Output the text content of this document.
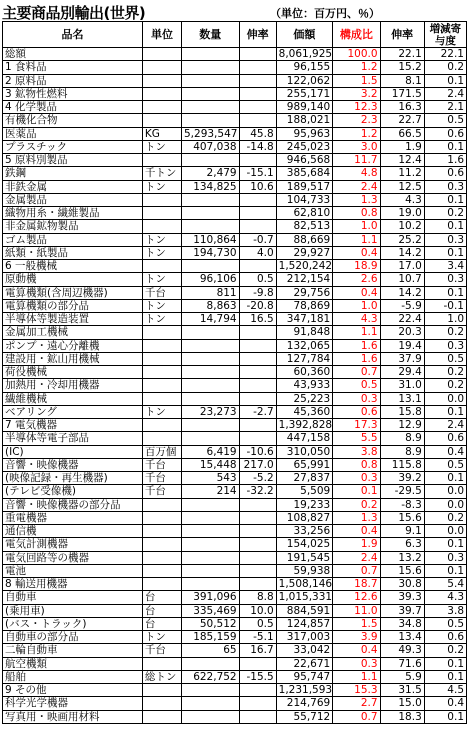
主要商品別輸出(世界)	（単位：百万円、％）
品名	単位	数量	伸率	価額	構成比	伸率	増減寄
与度
総額				8,061,925	100.0	22.1	22.1
1 食料品				96,155	1.2	15.2	0.2
2 原料品				122,062	1.5	8.1	0.1
3 鉱物性燃料				255,171	3.2	171.5	2.4
4 化学製品				989,140	12.3	16.3	2.1
有機化合物				188,021	2.3	22.7	0.5
医薬品	KG	5,293,547	45.8	95,963	1.2	66.5	0.6
プラスチック	トン	407,038	-14.8	245,023	3.0	1.9	0.1
5 原料別製品				946,568	11.7	12.4	1.6
鉄鋼	千トン	2,479	-15.1	385,684	4.8	11.2	0.6
非鉄金属	トン	134,825	10.6	189,517	2.4	12.5	0.3
金属製品				104,733	1.3	4.3	0.1
織物用糸・繊維製品				62,810	0.8	19.0	0.2
非金属鉱物製品				82,513	1.0	10.2	0.1
ゴム製品	トン	110,864	-0.7	88,669	1.1	25.2	0.3
紙類・紙製品	トン	194,730	4.0	29,927	0.4	14.2	0.1
6 一般機械				1,520,242	18.9	17.0	3.4
原動機	トン	96,106	0.5	212,154	2.6	10.7	0.3
電算機類(含周辺機器)	千台	811	-9.8	29,756	0.4	14.2	0.1
電算機類の部分品	トン	8,863	-20.8	78,869	1.0	-5.9	-0.1
半導体等製造装置	トン	14,794	16.5	347,181	4.3	22.4	1.0
金属加工機械				91,848	1.1	20.3	0.2
ポンプ・遠心分離機				132,065	1.6	19.4	0.3
建設用・鉱山用機械				127,784	1.6	37.9	0.5
荷役機械				60,360	0.7	29.4	0.2
加熱用・冷却用機器				43,933	0.5	31.0	0.2
繊維機械				25,223	0.3	13.1	0.0
ベアリング	トン	23,273	-2.7	45,360	0.6	15.8	0.1
7 電気機器				1,392,828	17.3	12.9	2.4
半導体等電子部品				447,158	5.5	8.9	0.6
(IC)	百万個	6,419	-10.6	310,050	3.8	8.9	0.4
音響・映像機器	千台	15,448	217.0	65,991	0.8	115.8	0.5
(映像記録・再生機器)	千台	543	-5.2	27,837	0.3	39.2	0.1
(テレビ受像機)	千台	214	-32.2	5,509	0.1	-29.5	0.0
音響・映像機器の部分品				19,233	0.2	-8.3	0.0
重電機器				108,827	1.3	15.6	0.2
通信機				33,256	0.4	9.1	0.0
電気計測機器				154,025	1.9	6.3	0.1
電気回路等の機器				191,545	2.4	13.2	0.3
電池				59,938	0.7	15.6	0.1
8 輸送用機器				1,508,146	18.7	30.8	5.4
自動車	台	391,096	8.8	1,015,331	12.6	39.3	4.3
(乗用車)	台	335,469	10.0	884,591	11.0	39.7	3.8
(バス・トラック)	台	50,512	0.5	124,857	1.5	34.8	0.5
自動車の部分品	トン	185,159	-5.1	317,003	3.9	13.4	0.6
二輪自動車	千台	65	16.7	33,042	0.4	49.3	0.2
航空機類				22,671	0.3	71.6	0.1
船舶	総トン	622,752	-15.5	95,747	1.1	5.9	0.1
9 その他				1,231,593	15.3	31.5	4.5
科学光学機器				214,769	2.7	15.0	0.4
写真用・映画用材料				55,712	0.7	18.3	0.1
